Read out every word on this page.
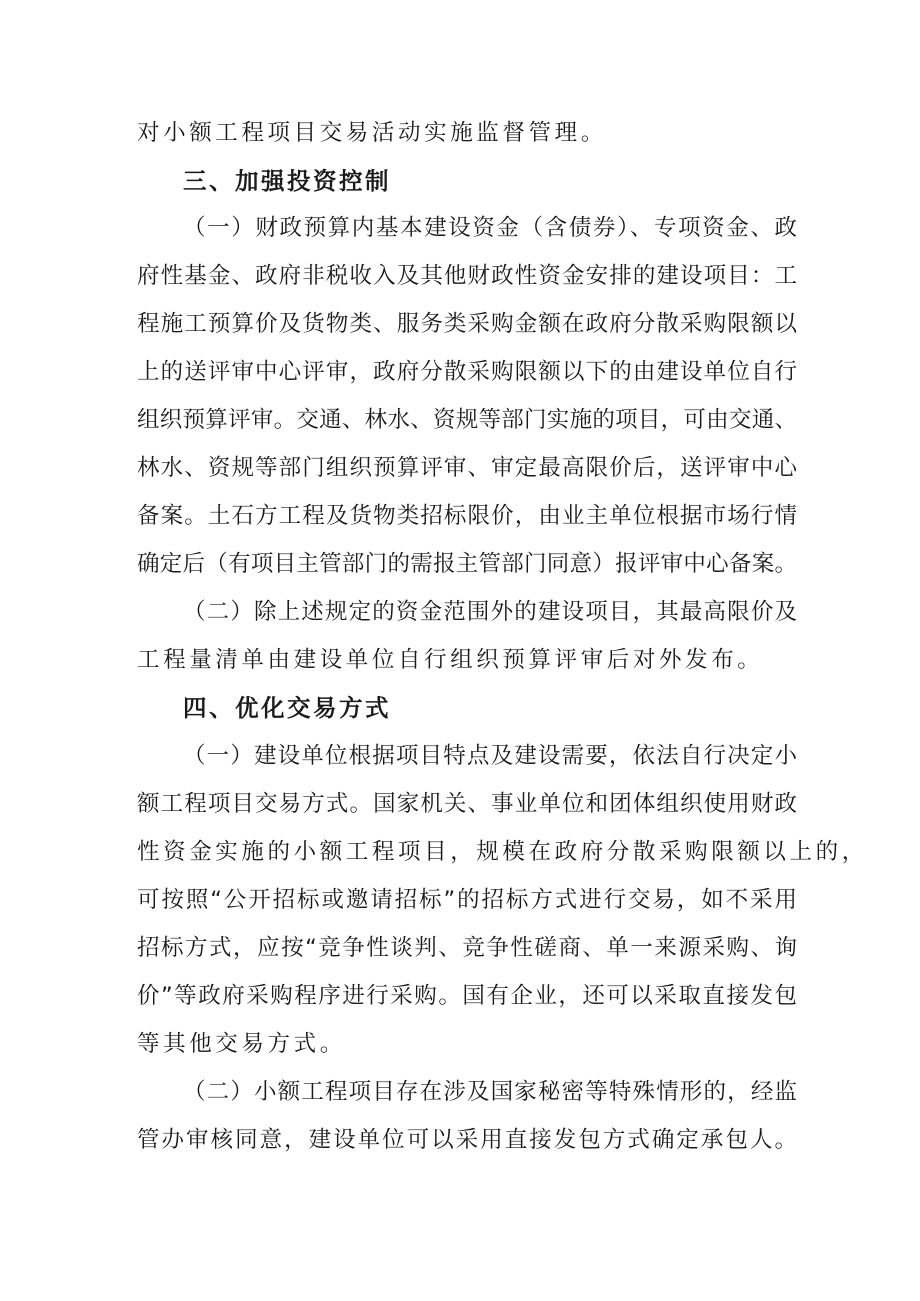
对小额工程项目交易活动实施监督管理。
三、加强投资控制
（一）财政预算内基本建设资金（含债券）、专项资金、政
府性基金、政府非税收入及其他财政性资金安排的建设项目：工
程施工预算价及货物类、服务类采购金额在政府分散采购限额以
上的送评审中心评审，政府分散采购限额以下的由建设单位自行
组织预算评审。交通、林水、资规等部门实施的项目，可由交通、
林水、资规等部门组织预算评审、审定最高限价后，送评审中心
备案。土石方工程及货物类招标限价，由业主单位根据市场行情
确定后（有项目主管部门的需报主管部门同意）报评审中心备案。
（二）除上述规定的资金范围外的建设项目，其最高限价及
工程量清单由建设单位自行组织预算评审后对外发布。
四、优化交易方式
（一）建设单位根据项目特点及建设需要，依法自行决定小
额工程项目交易方式。国家机关、事业单位和团体组织使用财政
性资金实施的小额工程项目，规模在政府分散采购限额以上的，
可按照“公开招标或邀请招标”的招标方式进行交易，如不采用
招标方式，应按“竞争性谈判、竞争性磋商、单一来源采购、询
价”等政府采购程序进行采购。国有企业，还可以采取直接发包
等其他交易方式。
（二）小额工程项目存在涉及国家秘密等特殊情形的，经监
管办审核同意，建设单位可以采用直接发包方式确定承包人。
